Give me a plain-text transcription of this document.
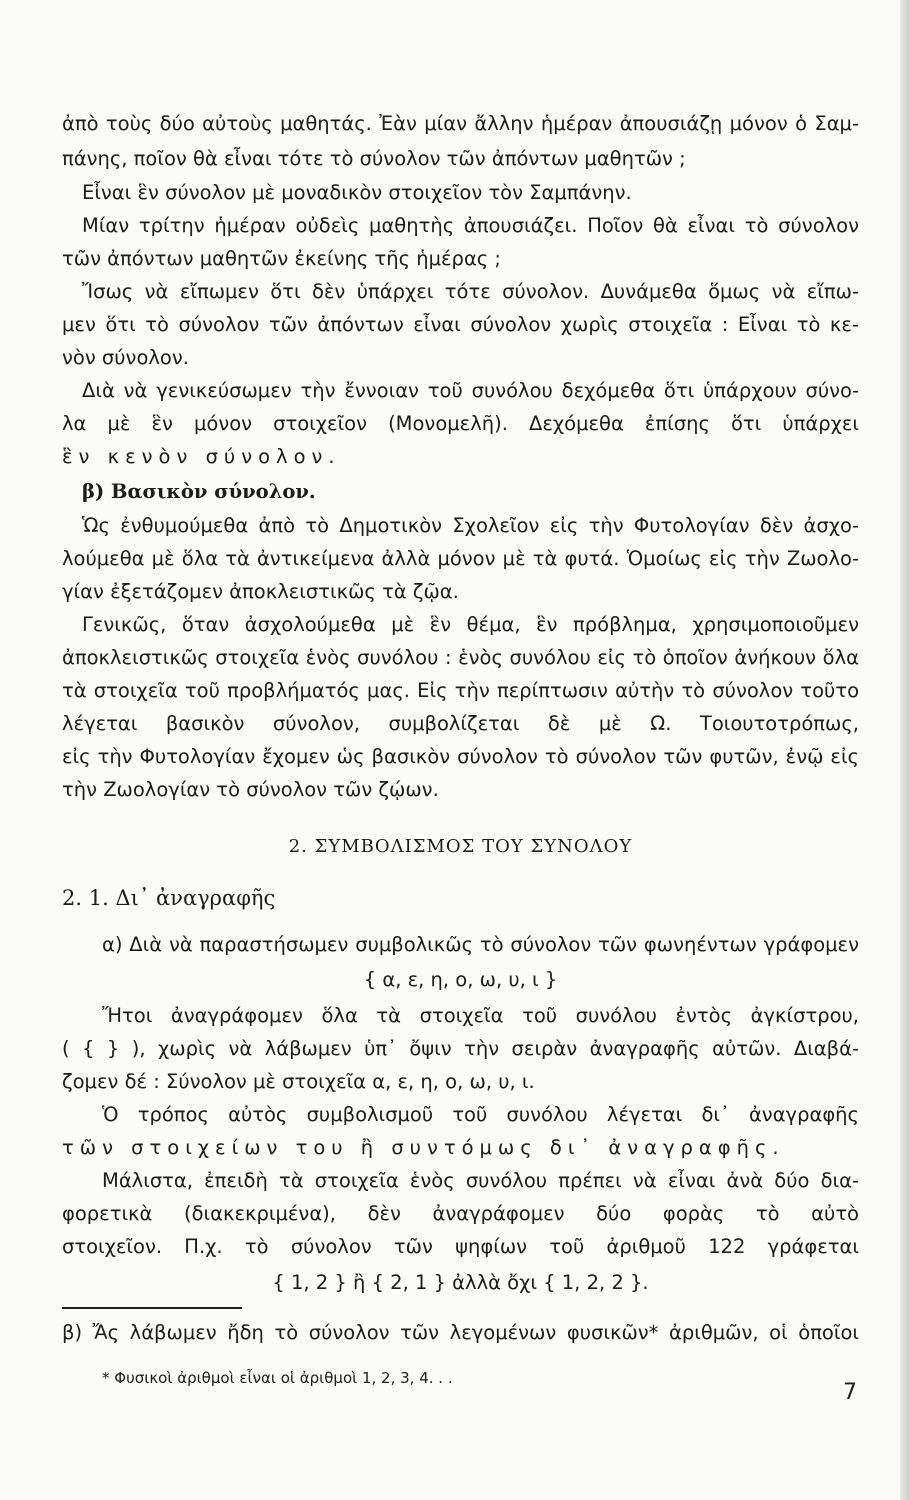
ἀπὸ τοὺς δύο αὐτοὺς μαθητάς. Ἐὰν μίαν ἄλλην ἡμέραν ἀπουσιάζῃ μόνον ὁ Σαμ-
πάνης, ποῖον θὰ εἶναι τότε τὸ σύνολον τῶν ἀπόντων μαθητῶν ;
Εἶναι ἓν σύνολον μὲ μοναδικὸν στοιχεῖον τὸν Σαμπάνην.
Μίαν τρίτην ἡμέραν οὐδεὶς μαθητὴς ἀπουσιάζει. Ποῖον θὰ εἶναι τὸ σύνολον
τῶν ἀπόντων μαθητῶν ἐκείνης τῆς ἡμέρας ;
Ἴσως νὰ εἴπωμεν ὅτι δὲν ὑπάρχει τότε σύνολον. Δυνάμεθα ὅμως νὰ εἴπω-
μεν ὅτι τὸ σύνολον τῶν ἀπόντων εἶναι σύνολον χωρὶς στοιχεῖα : Εἶναι τὸ κε-
νὸν σύνολον.
Διὰ νὰ γενικεύσωμεν τὴν ἔννοιαν τοῦ συνόλου δεχόμεθα ὅτι ὑπάρχουν σύνο-
λα μὲ ἓν μόνον στοιχεῖον (Μονομελῆ). Δεχόμεθα ἐπίσης ὅτι ὑπάρχει
ἓν κενὸν σύνολον.
β) Βασικὸν σύνολον.
Ὡς ἐνθυμούμεθα ἀπὸ τὸ Δημοτικὸν Σχολεῖον εἰς τὴν Φυτολογίαν δὲν ἀσχο-
λούμεθα μὲ ὅλα τὰ ἀντικείμενα ἀλλὰ μόνον μὲ τὰ φυτά. Ὁμοίως εἰς τὴν Ζωολο-
γίαν ἐξετάζομεν ἀποκλειστικῶς τὰ ζῷα.
Γενικῶς, ὅταν ἀσχολούμεθα μὲ ἓν θέμα, ἓν πρόβλημα, χρησιμοποιοῦμεν
ἀποκλειστικῶς στοιχεῖα ἑνὸς συνόλου : ἑνὸς συνόλου εἰς τὸ ὁποῖον ἀνήκουν ὅλα
τὰ στοιχεῖα τοῦ προβλήματός μας. Εἰς τὴν περίπτωσιν αὐτὴν τὸ σύνολον τοῦτο
λέγεται βασικὸν σύνολον, συμβολίζεται δὲ μὲ Ω. Τοιουτοτρόπως,
εἰς τὴν Φυτολογίαν ἔχομεν ὡς βασικὸν σύνολον τὸ σύνολον τῶν φυτῶν, ἐνῷ εἰς
τὴν Ζωολογίαν τὸ σύνολον τῶν ζῴων.
2. ΣΥΜΒΟΛΙΣΜΟΣ ΤΟΥ ΣΥΝΟΛΟΥ
2. 1. Δι᾽ ἀναγραφῆς
α) Διὰ νὰ παραστήσωμεν συμβολικῶς τὸ σύνολον τῶν φωνηέντων γράφομεν
{ α, ε, η, ο, ω, υ, ι }
Ἤτοι ἀναγράφομεν ὅλα τὰ στοιχεῖα τοῦ συνόλου ἐντὸς ἀγκίστρου,
( { } ), χωρὶς νὰ λάβωμεν ὑπ᾽ ὄψιν τὴν σειρὰν ἀναγραφῆς αὐτῶν. Διαβά-
ζομεν δέ : Σύνολον μὲ στοιχεῖα α, ε, η, ο, ω, υ, ι.
Ὁ τρόπος αὐτὸς συμβολισμοῦ τοῦ συνόλου λέγεται δι᾽ ἀναγραφῆς
τῶν στοιχείων του ἢ συντόμως δι᾽ ἀναγραφῆς.
Μάλιστα, ἐπειδὴ τὰ στοιχεῖα ἑνὸς συνόλου πρέπει νὰ εἶναι ἀνὰ δύο δια-
φορετικὰ (διακεκριμένα), δὲν ἀναγράφομεν δύο φορὰς τὸ αὐτὸ
στοιχεῖον. Π.χ. τὸ σύνολον τῶν ψηφίων τοῦ ἀριθμοῦ 122 γράφεται
{ 1, 2 } ἢ { 2, 1 } ἀλλὰ ὄχι { 1, 2, 2 }.
β) Ἄς λάβωμεν ἤδη τὸ σύνολον τῶν λεγομένων φυσικῶν* ἀριθμῶν, οἱ ὁποῖοι
* Φυσικοὶ ἀριθμοὶ εἶναι οἱ ἀριθμοὶ 1, 2, 3, 4. . .
7
